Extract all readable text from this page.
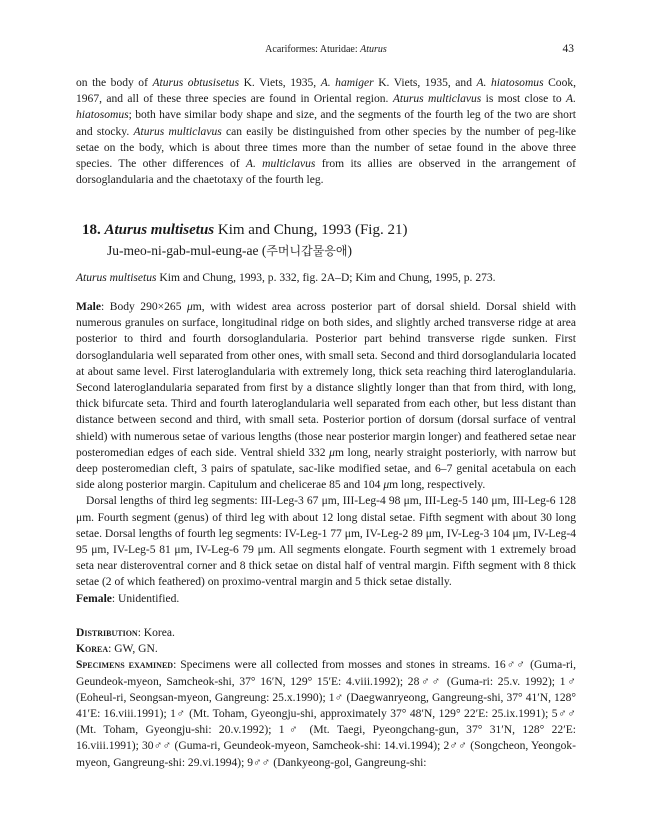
Acariformes: Aturidae: Aturus	43

on the body of Aturus obtusisetus K. Viets, 1935, A. hamiger K. Viets, 1935, and A. hiatosomus Cook, 1967, and all of these three species are found in Oriental region. Aturus multiclavus is most close to A. hiatosomus; both have similar body shape and size, and the segments of the fourth leg of the two are short and stocky. Aturus multiclavus can easily be distinguished from other species by the number of peg-like setae on the body, which is about three times more than the number of setae found in the above three species. The other differences of A. multiclavus from its allies are observed in the arrangement of dorsoglandularia and the chaetotaxy of the fourth leg.

18. Aturus multisetus Kim and Chung, 1993 (Fig. 21)
Ju-meo-ni-gab-mul-eung-ae (주머니갑물응애)

Aturus multisetus Kim and Chung, 1993, p. 332, fig. 2A–D; Kim and Chung, 1995, p. 273.

Male: Body 290×265 μm, with widest area across posterior part of dorsal shield. Dorsal shield with numerous granules on surface, longitudinal ridge on both sides, and slightly arched transverse ridge at area posterior to third and fourth dorsoglandularia. Posterior part behind transverse rigde sunken. First dorsoglandularia well separated from other ones, with small seta. Second and third dorsoglandularia located at about same level. First lateroglandularia with extremely long, thick seta reaching third lateroglandularia. Second lateroglandularia separated from first by a distance slightly longer than that from third, with long, thick bifurcate seta. Third and fourth lateroglandularia well separated from each other, but less distant than distance between second and third, with small seta. Posterior portion of dorsum (dorsal surface of ventral shield) with numerous setae of various lengths (those near posterior margin longer) and feathered setae near posteromedian edges of each side. Ventral shield 332 μm long, nearly straight posteriorly, with narrow but deep posteromedian cleft, 3 pairs of spatulate, sac-like modified setae, and 6–7 genital acetabula on each side along posterior margin. Capitulum and chelicerae 85 and 104 μm long, respectively.

Dorsal lengths of third leg segments: III-Leg-3 67 μm, III-Leg-4 98 μm, III-Leg-5 140 μm, III-Leg-6 128 μm. Fourth segment (genus) of third leg with about 12 long distal setae. Fifth segment with about 30 long setae. Dorsal lengths of fourth leg segments: IV-Leg-1 77 μm, IV-Leg-2 89 μm, IV-Leg-3 104 μm, IV-Leg-4 95 μm, IV-Leg-5 81 μm, IV-Leg-6 79 μm. All segments elongate. Fourth segment with 1 extremely broad seta near disteroventral corner and 8 thick setae on distal half of ventral margin. Fifth segment with 8 thick setae (2 of which feathered) on proximo-ventral margin and 5 thick setae distally.

Female: Unidentified.

Distribution: Korea.

Korea: GW, GN.

Specimens examined: Specimens were all collected from mosses and stones in streams. 16♂♂ (Guma-ri, Geundeok-myeon, Samcheok-shi, 37° 16′N, 129° 15′E: 4.viii.1992); 28♂♂ (Guma-ri: 25.v. 1992); 1♂ (Eoheul-ri, Seongsan-myeon, Gangreung: 25.x.1990); 1♂ (Daegwanryeong, Gangreung-shi, 37° 41′N, 128° 41′E: 16.viii.1991); 1♂ (Mt. Toham, Gyeongju-shi, approximately 37° 48′N, 129° 22′E: 25.ix.1991); 5♂♂ (Mt. Toham, Gyeongju-shi: 20.v.1992); 1♂ (Mt. Taegi, Pyeongchang-gun, 37° 31′N, 128° 22′E: 16.viii.1991); 30♂♂ (Guma-ri, Geundeok-myeon, Samcheok-shi: 14.vi.1994); 2♂♂ (Songcheon, Yeongok-myeon, Gangreung-shi: 29.vi.1994); 9♂♂ (Dankyeong-gol, Gangreung-shi:
